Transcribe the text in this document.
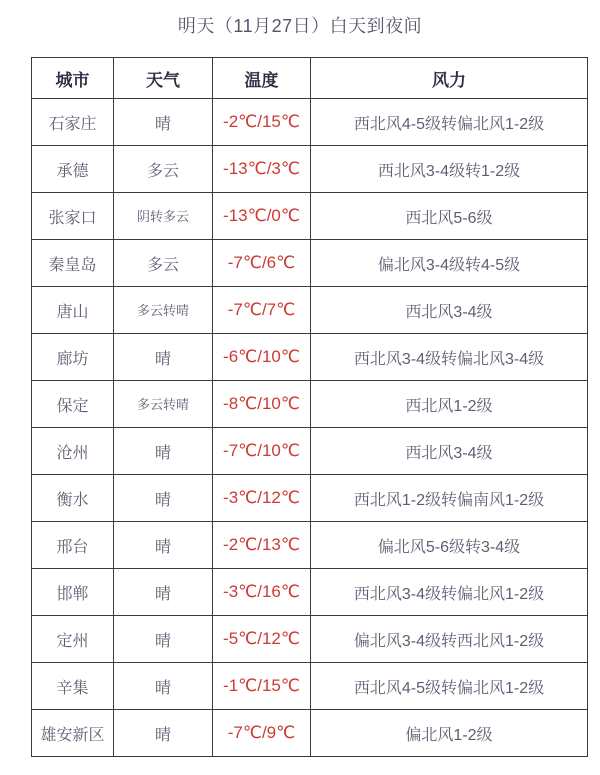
明天（11月27日）白天到夜间
城市	天气	温度	风力
石家庄	晴	-2℃/15℃	西北风4-5级转偏北风1-2级
承德	多云	-13℃/3℃	西北风3-4级转1-2级
张家口	阴转多云	-13℃/0℃	西北风5-6级
秦皇岛	多云	-7℃/6℃	偏北风3-4级转4-5级
唐山	多云转晴	-7℃/7℃	西北风3-4级
廊坊	晴	-6℃/10℃	西北风3-4级转偏北风3-4级
保定	多云转晴	-8℃/10℃	西北风1-2级
沧州	晴	-7℃/10℃	西北风3-4级
衡水	晴	-3℃/12℃	西北风1-2级转偏南风1-2级
邢台	晴	-2℃/13℃	偏北风5-6级转3-4级
邯郸	晴	-3℃/16℃	西北风3-4级转偏北风1-2级
定州	晴	-5℃/12℃	偏北风3-4级转西北风1-2级
辛集	晴	-1℃/15℃	西北风4-5级转偏北风1-2级
雄安新区	晴	-7℃/9℃	偏北风1-2级
